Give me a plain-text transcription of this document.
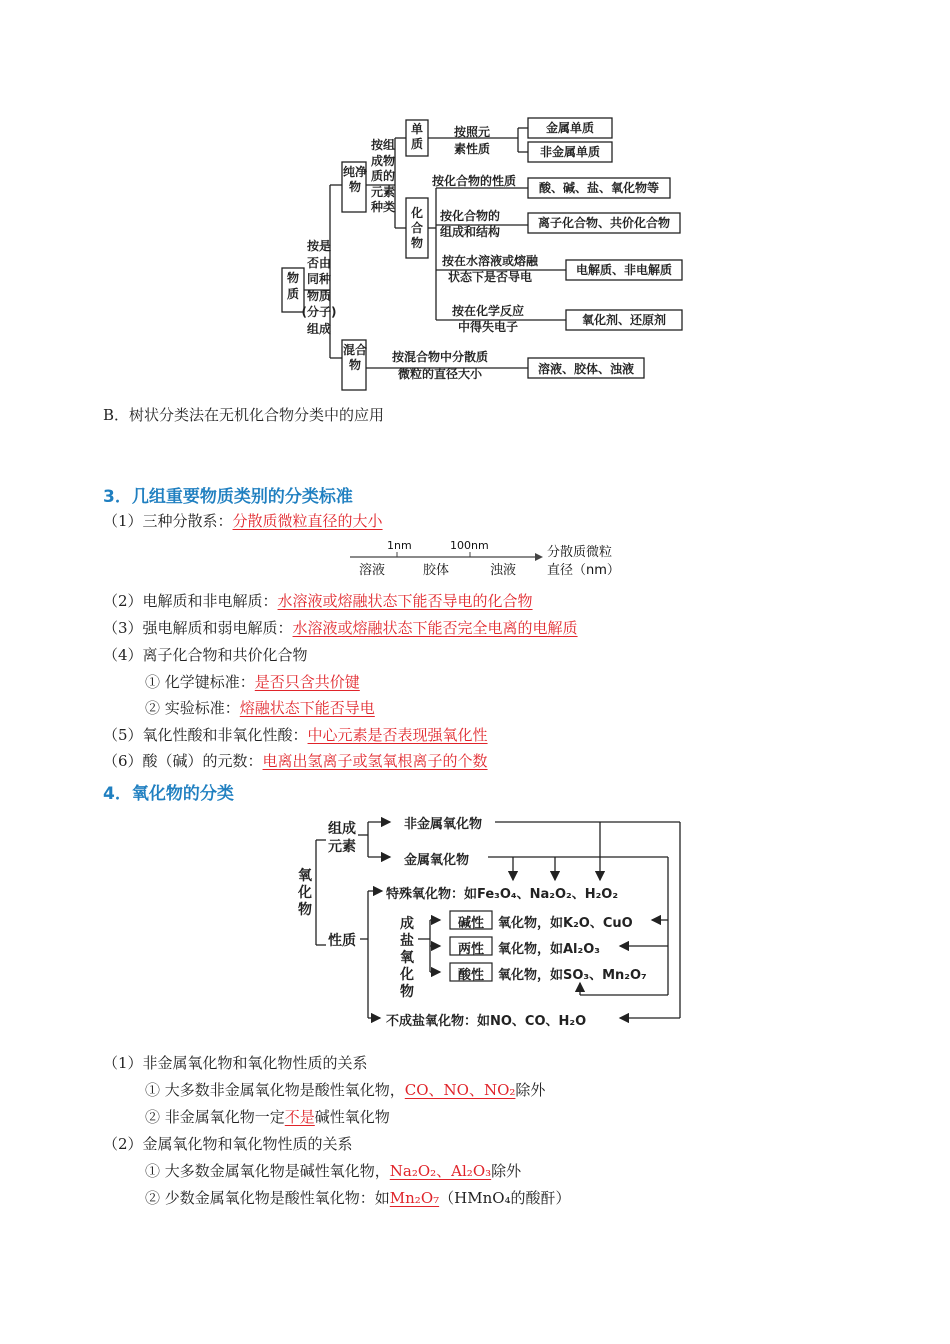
物质
按是
否由
同种
物质
(分子)
组成
纯净物
混合物
按组
成物
质的
元素
种类
单质
化合物
按照元
素性质
金属单质
非金属单质
按化合物的性质	酸、碱、盐、氧化物等
按化合物的
组成和结构
离子化合物、共价化合物
按在水溶液或熔融
状态下是否导电	电解质、非电解质
按在化学反应
中得失电子	氧化剂、还原剂
按混合物中分散质
微粒的直径大小	溶液、胶体、浊液
B．树状分类法在无机化合物分类中的应用
3．几组重要物质类别的分类标准
（1）三种分散系：分散质微粒直径的大小
1nm	100nm
溶液	胶体	浊液
分散质微粒
直径（nm）
（2）电解质和非电解质：水溶液或熔融状态下能否导电的化合物
（3）强电解质和弱电解质：水溶液或熔融状态下能否完全电离的电解质
（4）离子化合物和共价化合物
① 化学键标准：是否只含共价键
② 实验标准：熔融状态下能否导电
（5）氧化性酸和非氧化性酸：中心元素是否表现强氧化性
（6）酸（碱）的元数：电离出氢离子或氢氧根离子的个数
4．氧化物的分类
氧化物
组成
元素
性质
非金属氧化物
金属氧化物
特殊氧化物：如Fe₃O₄、Na₂O₂、H₂O₂
成盐氧化物
碱性 氧化物，如K₂O、CuO
两性 氧化物，如Al₂O₃
酸性 氧化物，如SO₃、Mn₂O₇
不成盐氧化物：如NO、CO、H₂O
（1）非金属氧化物和氧化物性质的关系
① 大多数非金属氧化物是酸性氧化物，CO、NO、NO₂除外
② 非金属氧化物一定不是碱性氧化物
（2）金属氧化物和氧化物性质的关系
① 大多数金属氧化物是碱性氧化物，Na₂O₂、Al₂O₃除外
② 少数金属氧化物是酸性氧化物：如Mn₂O₇（HMnO₄的酸酐）
